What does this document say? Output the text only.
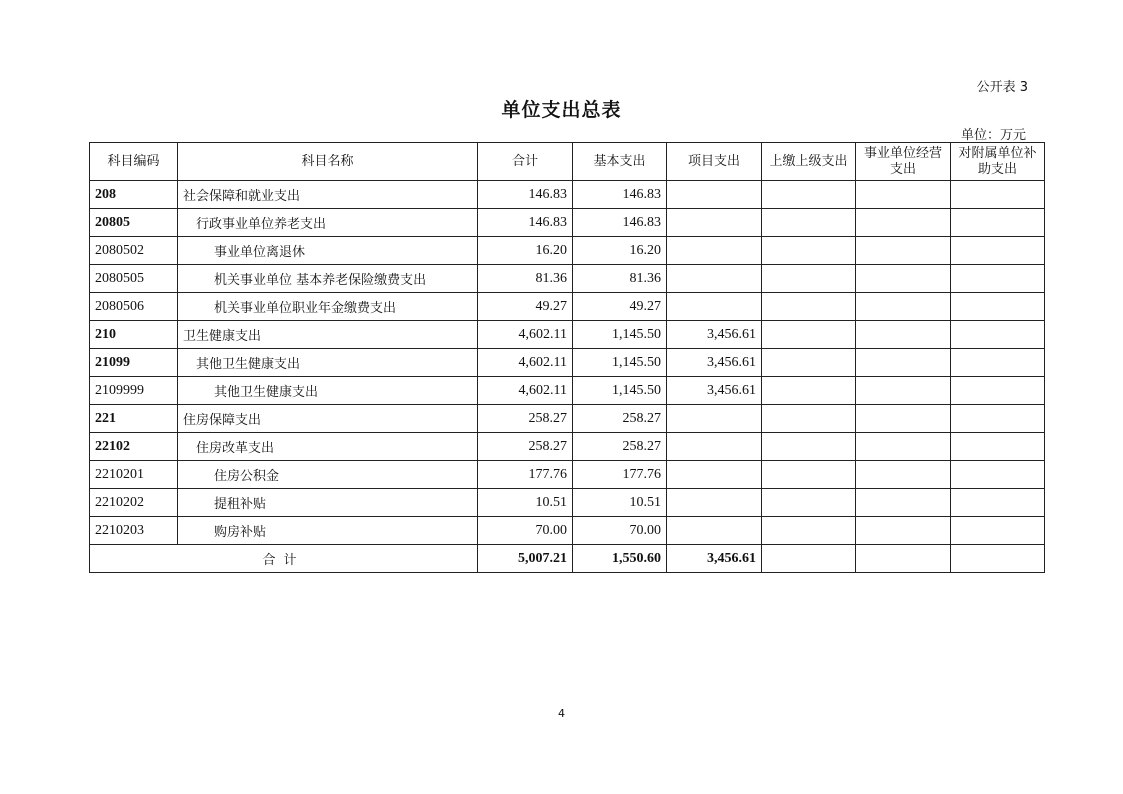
公开表 3
单位支出总表
单位：万元
科目编码	科目名称	合计	基本支出	项目支出	上缴上级支出	事业单位经营支出	对附属单位补助支出
208	社会保障和就业支出	146.83	146.83				
20805	行政事业单位养老支出	146.83	146.83				
2080502	事业单位离退休	16.20	16.20				
2080505	机关事业单位 基本养老保险缴费支出	81.36	81.36				
2080506	机关事业单位职业年金缴费支出	49.27	49.27				
210	卫生健康支出	4,602.11	1,145.50	3,456.61			
21099	其他卫生健康支出	4,602.11	1,145.50	3,456.61			
2109999	其他卫生健康支出	4,602.11	1,145.50	3,456.61			
221	住房保障支出	258.27	258.27				
22102	住房改革支出	258.27	258.27				
2210201	住房公积金	177.76	177.76				
2210202	提租补贴	10.51	10.51				
2210203	购房补贴	70.00	70.00				
合计		5,007.21	1,550.60	3,456.61			
4
